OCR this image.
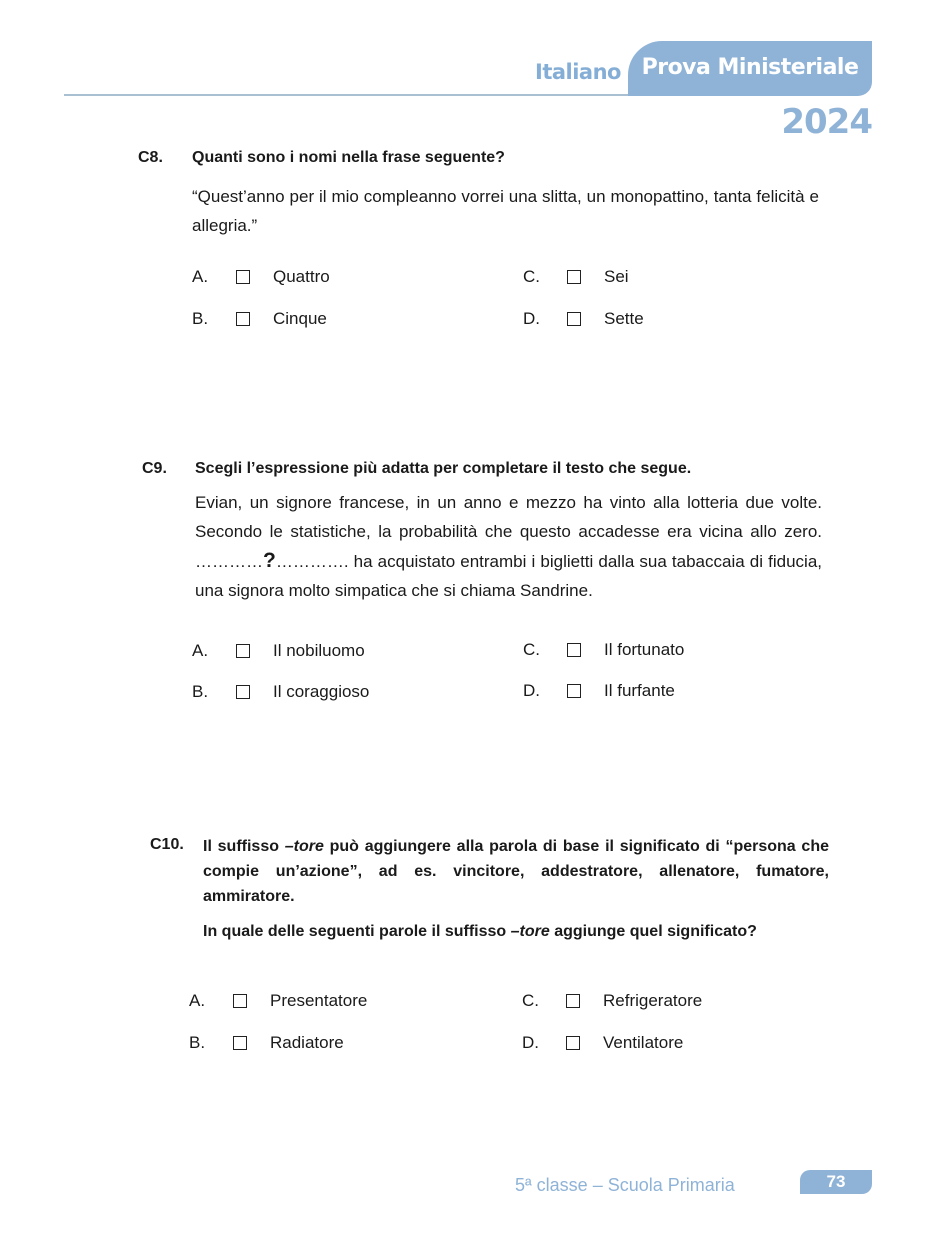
Italiano Prova Ministeriale
2024
C8. Quanti sono i nomi nella frase seguente?
“Quest’anno per il mio compleanno vorrei una slitta, un monopattino, tanta felicità e allegria.”
A.	Quattro
B.	Cinque
C.	Sei
D.	Sette
C9. Scegli l’espressione più adatta per completare il testo che segue.
Evian, un signore francese, in un anno e mezzo ha vinto alla lotteria due volte. Secondo le statistiche, la probabilità che questo accadesse era vicina allo zero. …………?…………. ha acquistato entrambi i biglietti dalla sua tabaccaia di fiducia, una signora molto simpatica che si chiama Sandrine.
A.	Il nobiluomo
B.	Il coraggioso
C.	Il fortunato
D.	Il furfante
C10. Il suffisso –tore può aggiungere alla parola di base il significato di “persona che compie un’azione”, ad es. vincitore, addestratore, allenatore, fumatore, ammiratore.
In quale delle seguenti parole il suffisso –tore aggiunge quel significato?
A.	Presentatore
B.	Radiatore
C.	Refrigeratore
D.	Ventilatore
5ª classe – Scuola Primaria	73
